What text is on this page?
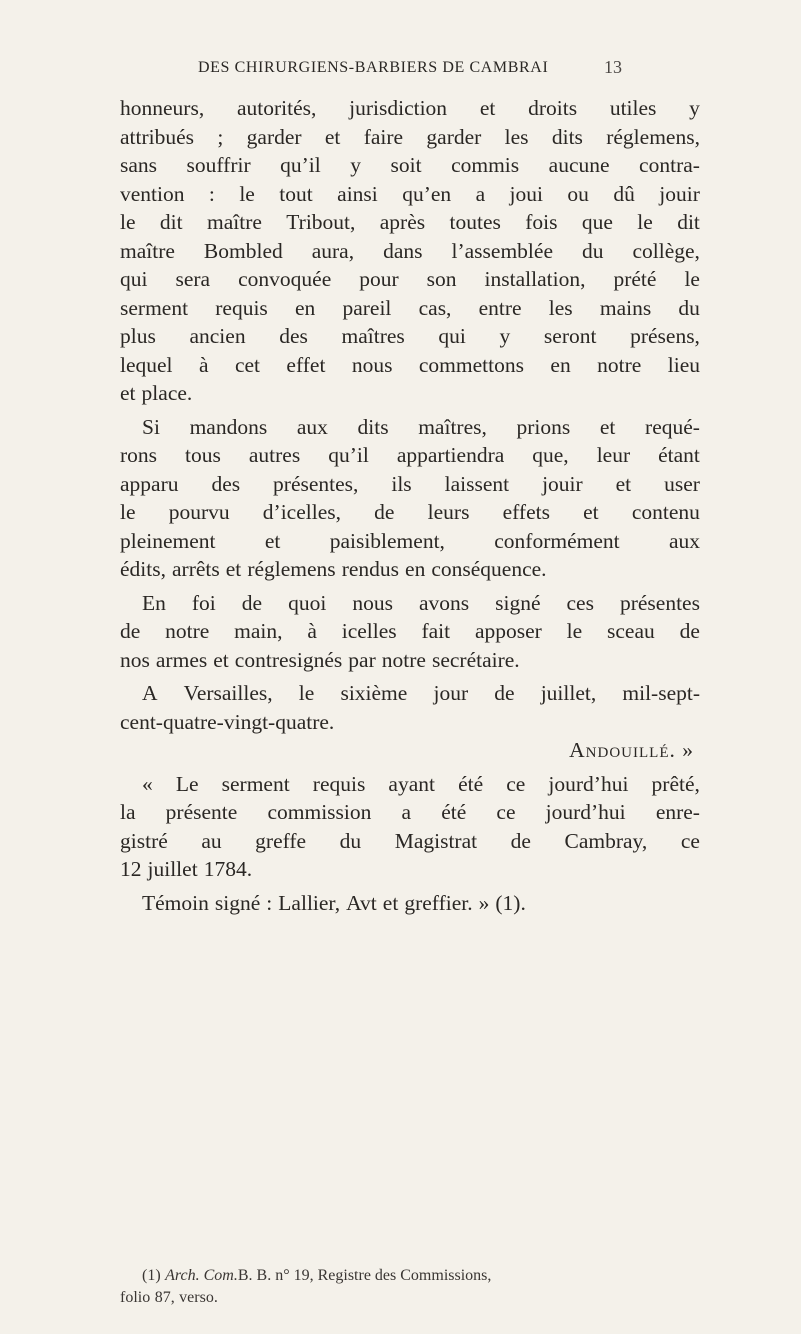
DES CHIRURGIENS-BARBIERS DE CAMBRAI	13
honneurs, autorités, jurisdiction et droits utiles y
attribués ; garder et faire garder les dits réglemens,
sans souffrir qu’il y soit commis aucune contra-
vention : le tout ainsi qu’en a joui ou dû jouir
le dit maître Tribout, après toutes fois que le dit
maître Bombled aura, dans l’assemblée du collège,
qui sera convoquée pour son installation, prété le
serment requis en pareil cas, entre les mains du
plus ancien des maîtres qui y seront présens,
lequel à cet effet nous commettons en notre lieu
et place.
Si mandons aux dits maîtres, prions et requé-
rons tous autres qu’il appartiendra que, leur étant
apparu des présentes, ils laissent jouir et user
le pourvu d’icelles, de leurs effets et contenu
pleinement et paisiblement, conformément aux
édits, arrêts et réglemens rendus en conséquence.
En foi de quoi nous avons signé ces présentes
de notre main, à icelles fait apposer le sceau de
nos armes et contresignés par notre secrétaire.
A Versailles, le sixième jour de juillet, mil-sept-
cent-quatre-vingt-quatre.
Andouillé. »
« Le serment requis ayant été ce jourd’hui prêté,
la présente commission a été ce jourd’hui enre-
gistré au greffe du Magistrat de Cambray, ce
12 juillet 1784.
Témoin signé : Lallier, Avt et greffier. » (1).
(1) Arch. Com. B. B. n° 19, Registre des Commissions,
folio 87, verso.
